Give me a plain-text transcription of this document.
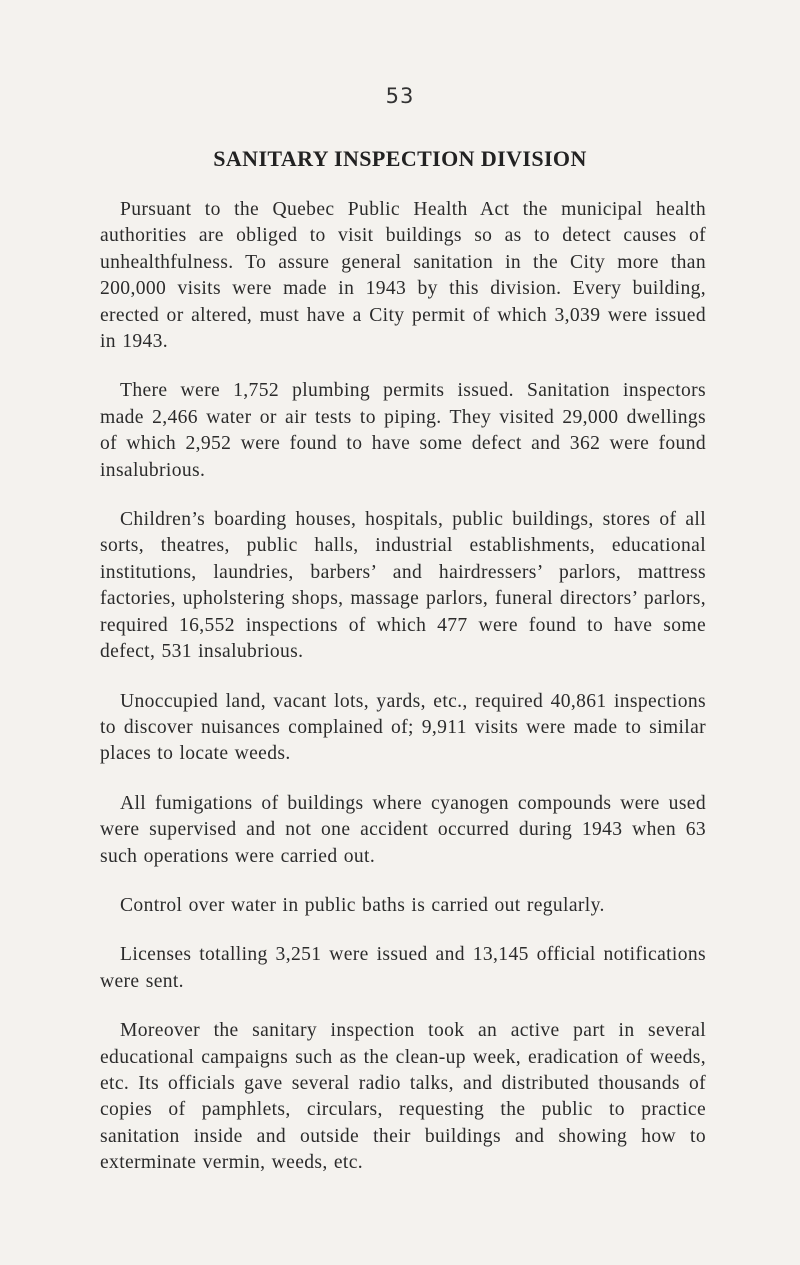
53
SANITARY INSPECTION DIVISION

Pursuant to the Quebec Public Health Act the municipal health authorities are obliged to visit buildings so as to detect causes of unhealthfulness. To assure general sanitation in the City more than 200,000 visits were made in 1943 by this division. Every building, erected or altered, must have a City permit of which 3,039 were issued in 1943.

There were 1,752 plumbing permits issued. Sanitation inspectors made 2,466 water or air tests to piping. They visited 29,000 dwellings of which 2,952 were found to have some defect and 362 were found insalubrious.

Children’s boarding houses, hospitals, public buildings, stores of all sorts, theatres, public halls, industrial establishments, educational institutions, laundries, barbers’ and hairdressers’ parlors, mattress factories, upholstering shops, massage parlors, funeral directors’ parlors, required 16,552 inspections of which 477 were found to have some defect, 531 insalubrious.

Unoccupied land, vacant lots, yards, etc., required 40,861 inspections to discover nuisances complained of; 9,911 visits were made to similar places to locate weeds.

All fumigations of buildings where cyanogen compounds were used were supervised and not one accident occurred during 1943 when 63 such operations were carried out.

Control over water in public baths is carried out regularly.

Licenses totalling 3,251 were issued and 13,145 official notifications were sent.

Moreover the sanitary inspection took an active part in several educational campaigns such as the clean-up week, eradication of weeds, etc. Its officials gave several radio talks, and distributed thousands of copies of pamphlets, circulars, requesting the public to practice sanitation inside and outside their buildings and showing how to exterminate vermin, weeds, etc.
